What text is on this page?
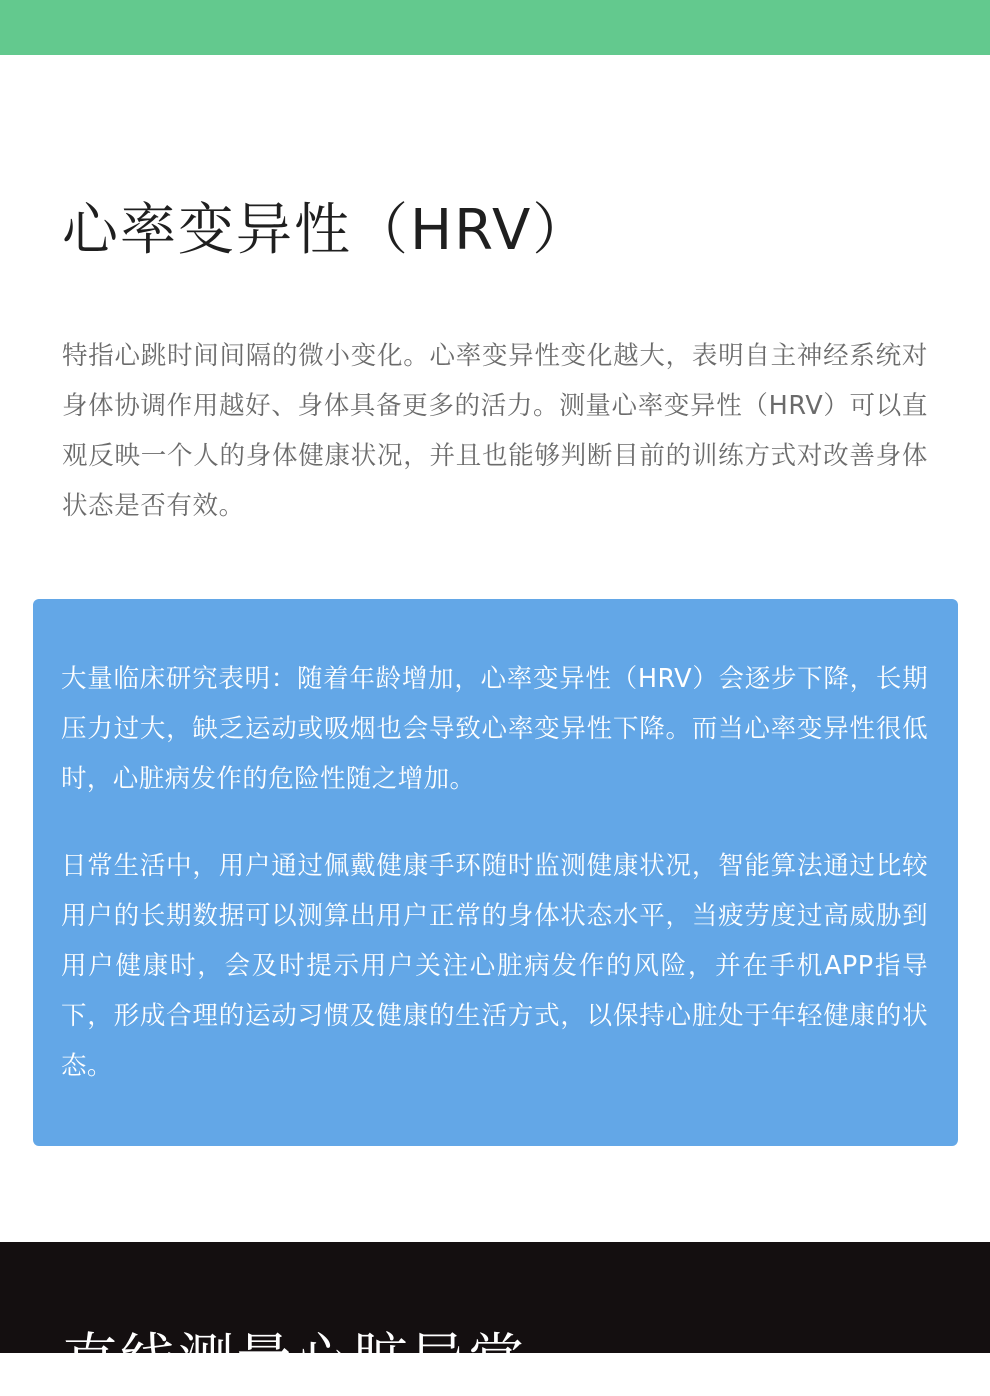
心率变异性（HRV）

特指心跳时间间隔的微小变化。心率变异性变化越大，表明自主神经系统对身体协调作用越好、身体具备更多的活力。测量心率变异性（HRV）可以直观反映一个人的身体健康状况，并且也能够判断目前的训练方式对改善身体状态是否有效。

大量临床研究表明：随着年龄增加，心率变异性（HRV）会逐步下降，长期压力过大，缺乏运动或吸烟也会导致心率变异性下降。而当心率变异性很低时，心脏病发作的危险性随之增加。

日常生活中，用户通过佩戴健康手环随时监测健康状况，智能算法通过比较用户的长期数据可以测算出用户正常的身体状态水平，当疲劳度过高威胁到用户健康时，会及时提示用户关注心脏病发作的风险，并在手机APP指导下，形成合理的运动习惯及健康的生活方式，以保持心脏处于年轻健康的状态。

直线测量心脏异常
